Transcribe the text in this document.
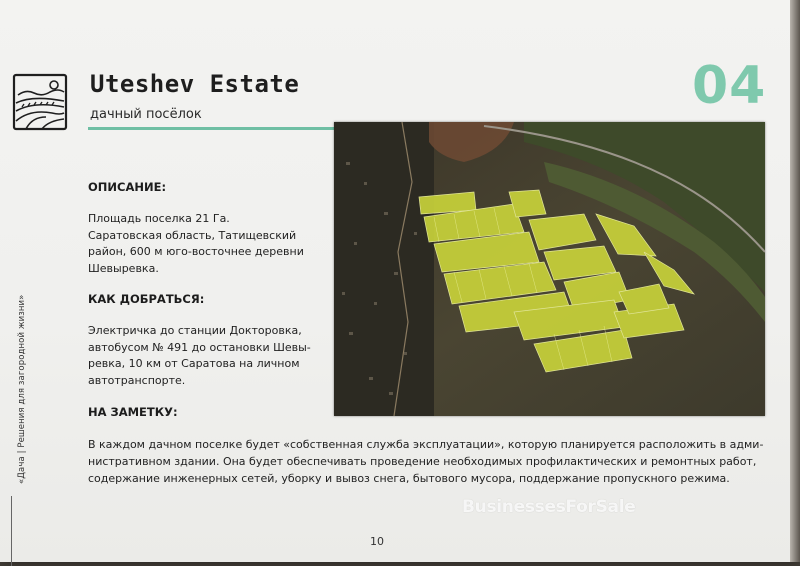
«Дача | Решения для загородной жизни»
Uteshev Estate
дачный посёлок	04
ОПИСАНИЕ:
Площадь поселка 21 Га.
Саратовская область, Татищевский
район, 600 м юго-восточнее деревни
Шевыревка.
КАК ДОБРАТЬСЯ:
Электричка до станции Докторовка,
автобусом № 491 до остановки Шевы-
ревка, 10 км от Саратова на личном
автотранспорте.
НА ЗАМЕТКУ:
В каждом дачном поселке будет «собственная служба эксплуатации», которую планируется расположить в адми-
нистративном здании. Она будет обеспечивать проведение необходимых профилактических и ремонтных работ,
содержание инженерных сетей, уборку и вывоз снега, бытового мусора, поддержание пропускного режима.
BusinessesForSale
10
